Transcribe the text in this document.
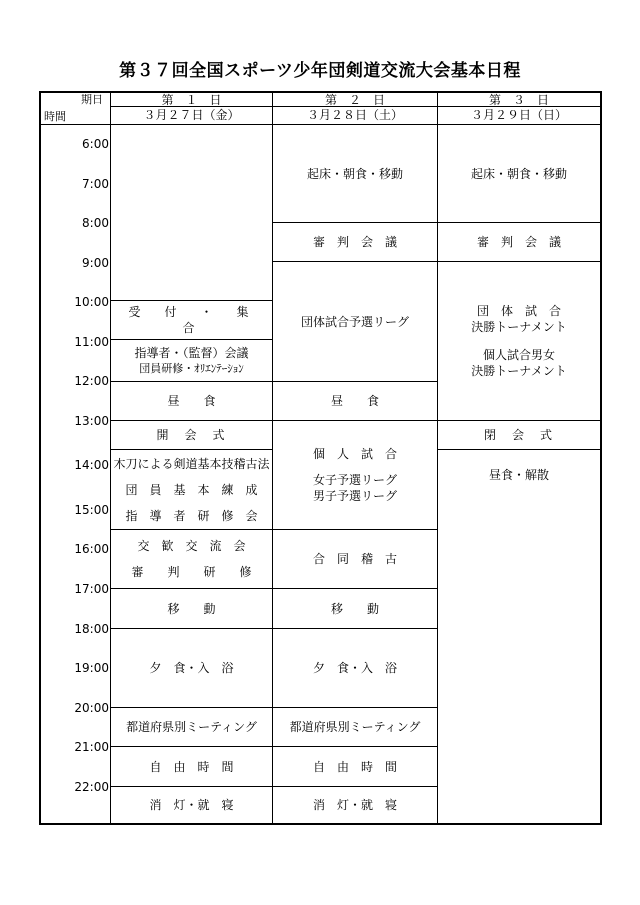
第３７回全国スポーツ少年団剣道交流大会基本日程
期日
時間
第　１　日
３月２７日（金）
第　２　日
３月２８日（土）
第　３　日
３月２９日（日）
6:00
7:00
8:00
9:00
10:00
11:00
12:00
13:00
14:00
15:00
16:00
17:00
18:00
19:00
20:00
21:00
22:00
受　付　・　集　合
指導者・（監督）会議
団員研修・ｵﾘｴﾝﾃｰｼｮﾝ
昼　　食
開　会　式
木刀による剣道基本技稽古法
団　員　基　本　練　成
指　導　者　研　修　会
交　歓　交　流　会
審　　判　　研　　修
移　　動
夕　食・入　浴
都道府県別ミーティング
自　由　時　間
消　灯・就　寝
起床・朝食・移動
審　判　会　議
団体試合予選リーグ
昼　　食
個　人　試　合
女子予選リーグ
男子予選リーグ
合　同　稽　古
移　　動
夕　食・入　浴
都道府県別ミーティング
自　由　時　間
消　灯・就　寝
起床・朝食・移動
審　判　会　議
団　体　試　合
決勝トーナメント
個人試合男女
決勝トーナメント
閉　会　式
昼食・解散
